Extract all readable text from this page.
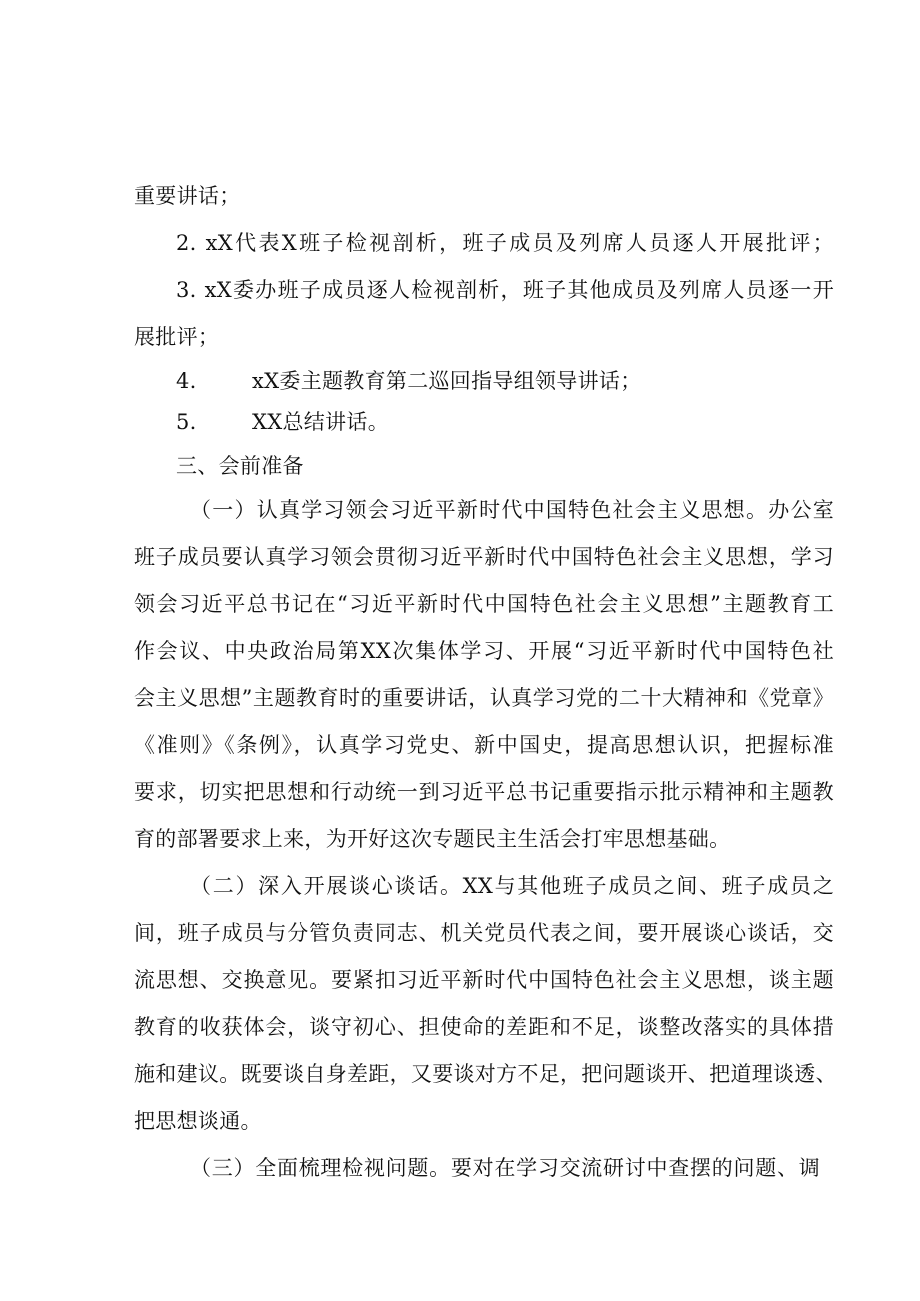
重要讲话；
2. xX代表X班子检视剖析，班子成员及列席人员逐人开展批评；
3. xX委办班子成员逐人检视剖析，班子其他成员及列席人员逐一开
展批评；
4.	xX委主题教育第二巡回指导组领导讲话；
5.	XX总结讲话。
三、会前准备
（一）认真学习领会习近平新时代中国特色社会主义思想。办公室
班子成员要认真学习领会贯彻习近平新时代中国特色社会主义思想，学习
领会习近平总书记在“习近平新时代中国特色社会主义思想”主题教育工
作会议、中央政治局第XX次集体学习、开展“习近平新时代中国特色社
会主义思想”主题教育时的重要讲话，认真学习党的二十大精神和《党章》
《准则》《条例》，认真学习党史、新中国史，提高思想认识，把握标准
要求，切实把思想和行动统一到习近平总书记重要指示批示精神和主题教
育的部署要求上来，为开好这次专题民主生活会打牢思想基础。
（二）深入开展谈心谈话。XX与其他班子成员之间、班子成员之
间，班子成员与分管负责同志、机关党员代表之间，要开展谈心谈话，交
流思想、交换意见。要紧扣习近平新时代中国特色社会主义思想，谈主题
教育的收获体会，谈守初心、担使命的差距和不足，谈整改落实的具体措
施和建议。既要谈自身差距，又要谈对方不足，把问题谈开、把道理谈透、
把思想谈通。
（三）全面梳理检视问题。要对在学习交流研讨中查摆的问题、调
